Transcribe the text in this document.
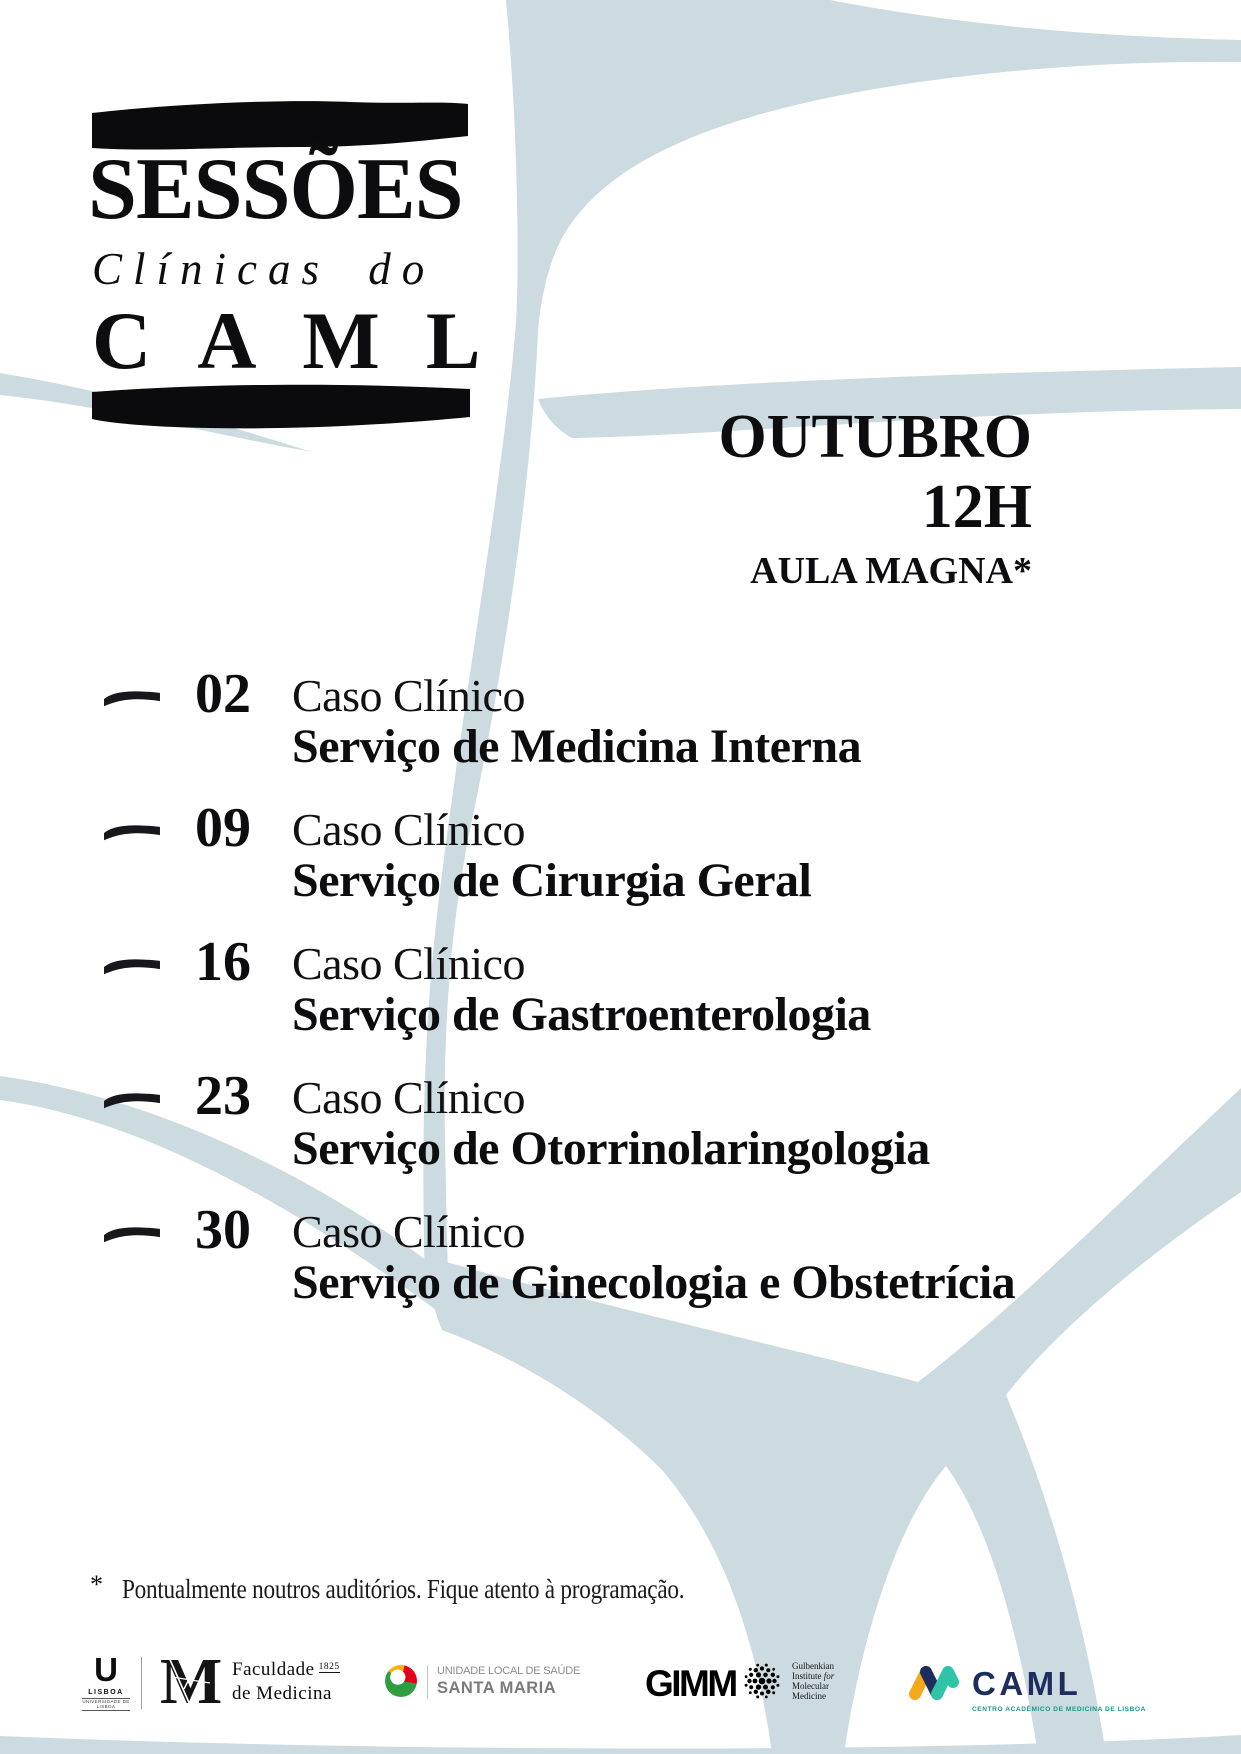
SESSÕES
Clínicas do
CAML
OUTUBRO
12H
AULA MAGNA*
02 Caso Clínico
Serviço de Medicina Interna
09 Caso Clínico
Serviço de Cirurgia Geral
16 Caso Clínico
Serviço de Gastroenterologia
23 Caso Clínico
Serviço de Otorrinolaringologia
30 Caso Clínico
Serviço de Ginecologia e Obstetrícia
* Pontualmente noutros auditórios. Fique atento à programação.
U
LISBOA
UNIVERSIDADE DE LISBOA M Faculdade $^{1825}$
de Medicina
UNIDADE LOCAL DE SAÚDE
SANTA MARIA	GIMM	Gulbenkian
Institute for
Molecular
Medicine	CAML
CENTRO ACADÉMICO DE MEDICINA DE LISBOA
